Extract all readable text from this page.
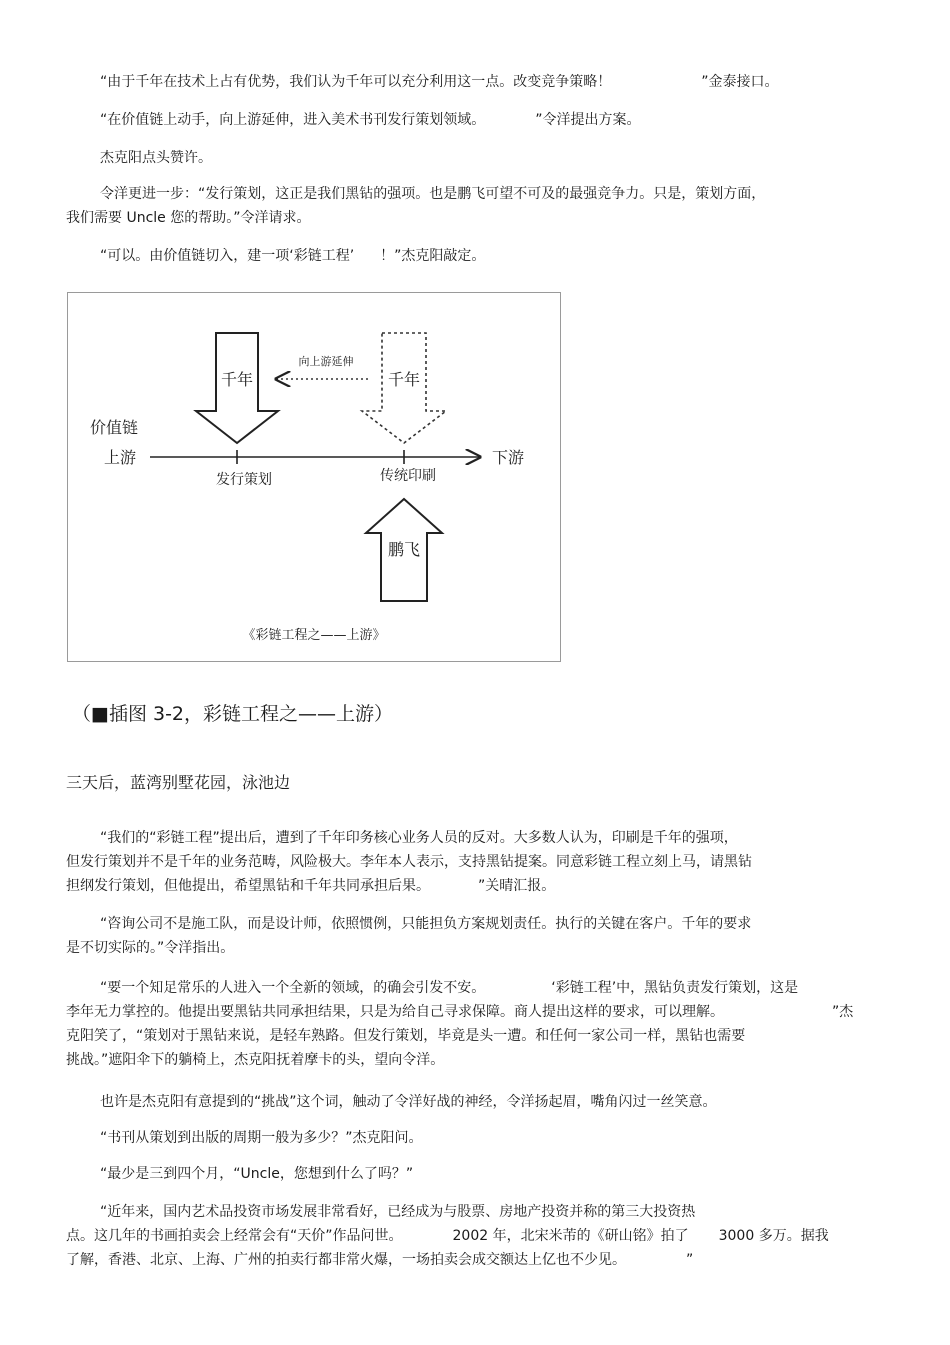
“由于千年在技术上占有优势，我们认为千年可以充分利用这一点。改变竞争策略！	”金泰接口。

“在价值链上动手，向上游延伸，进入美术书刊发行策划领域。	”令洋提出方案。

杰克阳点头赞许。

令洋更进一步：“发行策划，这正是我们黑钻的强项。也是鹏飞可望不可及的最强竞争力。只是，策划方面，
我们需要 Uncle 您的帮助。”令洋请求。

“可以。由价值链切入，建一项‘彩链工程’ ！”杰克阳敲定。

千年	千年
向上游延伸
价值链
上游	下游
发行策划	传统印刷
鹏飞
《彩链工程之——上游》
（■插图 3-2，彩链工程之——上游）
三天后，蓝湾别墅花园，泳池边

“我们的“彩链工程”提出后，遭到了千年印务核心业务人员的反对。大多数人认为，印刷是千年的强项，
但发行策划并不是千年的业务范畴，风险极大。李年本人表示，支持黑钻提案。同意彩链工程立刻上马，请黑钻
担纲发行策划，但他提出，希望黑钻和千年共同承担后果。	”关晴汇报。

“咨询公司不是施工队，而是设计师，依照惯例，只能担负方案规划责任。执行的关键在客户。千年的要求
是不切实际的。”令洋指出。

“要一个知足常乐的人进入一个全新的领域，的确会引发不安。	‘彩链工程’中，黑钻负责发行策划，这是
李年无力掌控的。他提出要黑钻共同承担结果，只是为给自己寻求保障。商人提出这样的要求，可以理解。	”杰
克阳笑了，“策划对于黑钻来说，是轻车熟路。但发行策划，毕竟是头一遭。和任何一家公司一样，黑钻也需要
挑战。”遮阳伞下的躺椅上，杰克阳抚着摩卡的头，望向令洋。

也许是杰克阳有意提到的“挑战”这个词，触动了令洋好战的神经，令洋扬起眉，嘴角闪过一丝笑意。

“书刊从策划到出版的周期一般为多少？”杰克阳问。

“最少是三到四个月，“Uncle，您想到什么了吗？”

“近年来，国内艺术品投资市场发展非常看好，已经成为与股票、房地产投资并称的第三大投资热
点。这几年的书画拍卖会上经常会有“天价”作品问世。	2002 年，北宋米芾的《研山铭》拍了 3000 多万。据我
了解，香港、北京、上海、广州的拍卖行都非常火爆，一场拍卖会成交额达上亿也不少见。	”
